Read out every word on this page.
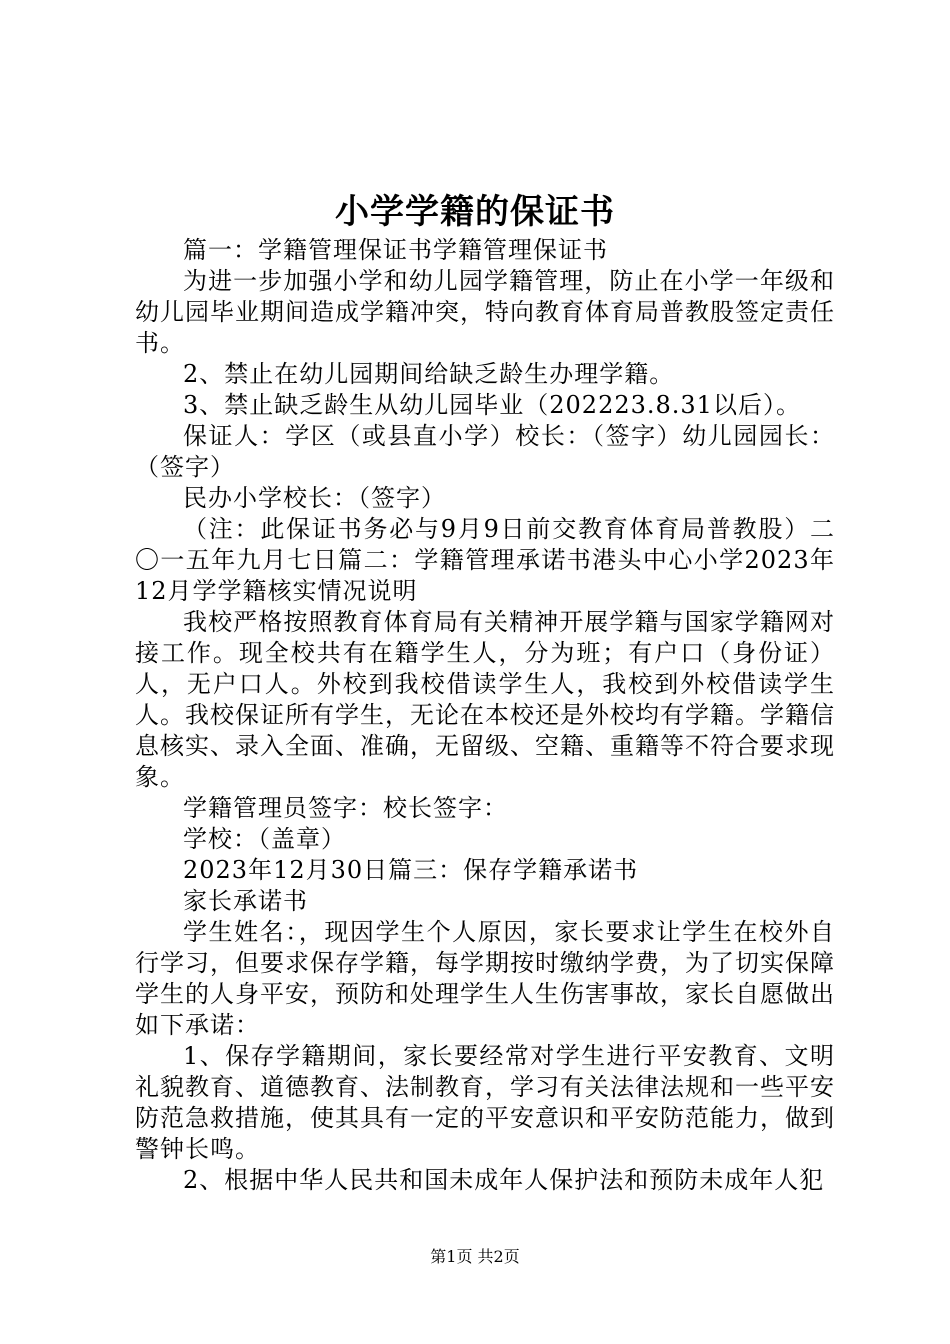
小学学籍的保证书

篇一：学籍管理保证书学籍管理保证书

为进一步加强小学和幼儿园学籍管理，防止在小学一年级和幼儿园毕业期间造成学籍冲突，特向教育体育局普教股签定责任书。

2、禁止在幼儿园期间给缺乏龄生办理学籍。

3、禁止缺乏龄生从幼儿园毕业（202223.8.31以后）。

保证人：学区（或县直小学）校长：（签字）幼儿园园长：（签字）

民办小学校长：（签字）

（注：此保证书务必与9月9日前交教育体育局普教股）二〇一五年九月七日篇二：学籍管理承诺书港头中心小学2023年12月学学籍核实情况说明

我校严格按照教育体育局有关精神开展学籍与国家学籍网对接工作。现全校共有在籍学生人，分为班；有户口（身份证）人，无户口人。外校到我校借读学生人，我校到外校借读学生人。我校保证所有学生，无论在本校还是外校均有学籍。学籍信息核实、录入全面、准确，无留级、空籍、重籍等不符合要求现象。

学籍管理员签字：校长签字：

学校：（盖章）

2023年12月30日篇三：保存学籍承诺书

家长承诺书

学生姓名：，现因学生个人原因，家长要求让学生在校外自行学习，但要求保存学籍，每学期按时缴纳学费，为了切实保障学生的人身平安，预防和处理学生人生伤害事故，家长自愿做出如下承诺：

1、保存学籍期间，家长要经常对学生进行平安教育、文明礼貌教育、道德教育、法制教育，学习有关法律法规和一些平安防范急救措施，使其具有一定的平安意识和平安防范能力，做到警钟长鸣。

2、根据中华人民共和国未成年人保护法和预防未成年人犯

第1页 共2页
